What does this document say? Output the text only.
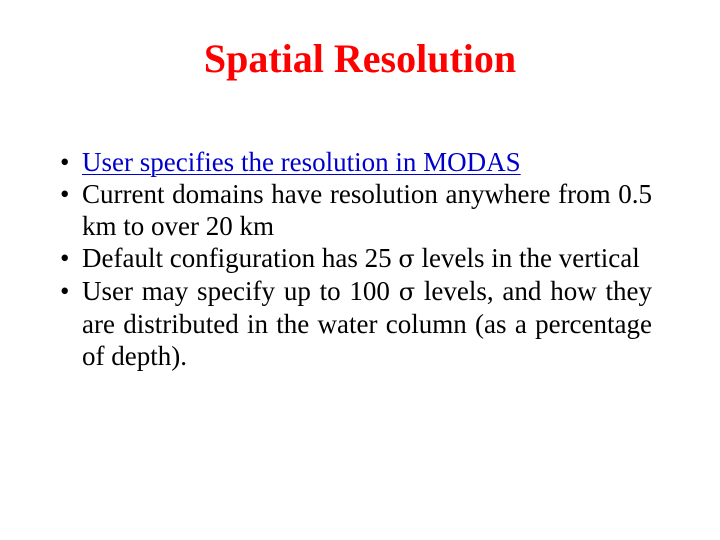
Spatial Resolution
• User specifies the resolution in MODAS
• Current domains have resolution anywhere from 0.5 km to over 20 km
• Default configuration has 25 σ levels in the vertical
• User may specify up to 100 σ levels, and how they are distributed in the water column (as a percentage of depth).
